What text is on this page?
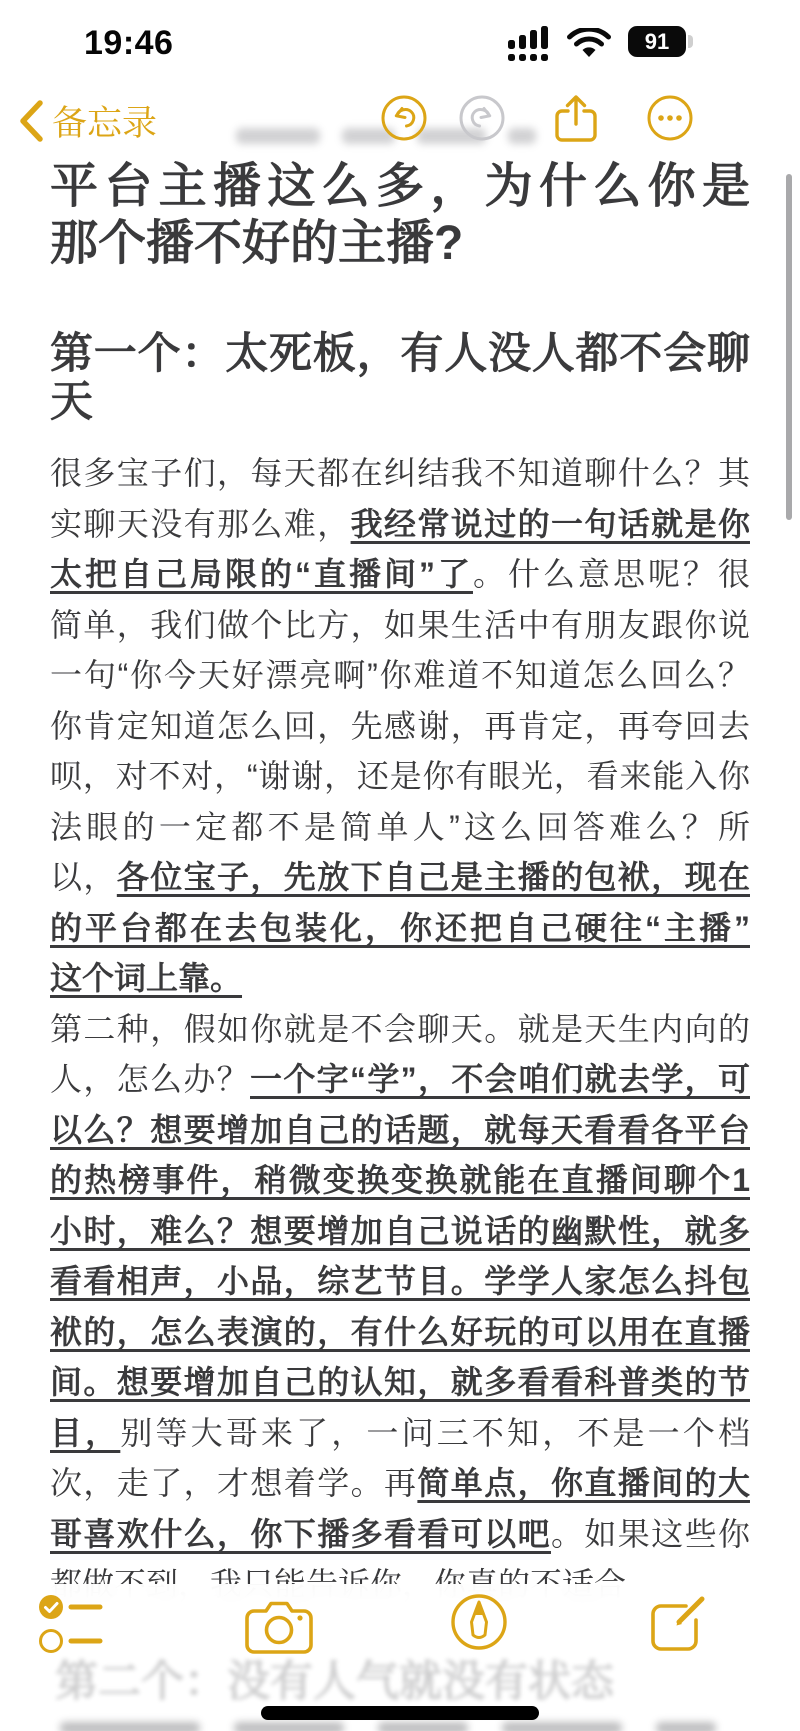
19:46	91
备忘录
平台主播这么多，为什么你是
那个播不好的主播?
第一个：太死板，有人没人都不会聊
天
很多宝子们，每天都在纠结我不知道聊什么？其
实聊天没有那么难，我经常说过的一句话就是你
太把自己局限的“直播间”了。什么意思呢？很
简单，我们做个比方，如果生活中有朋友跟你说
一句“你今天好漂亮啊”你难道不知道怎么回么？
你肯定知道怎么回，先感谢，再肯定，再夸回去
呗，对不对，“谢谢，还是你有眼光，看来能入你
法眼的一定都不是简单人”这么回答难么？所
以，各位宝子，先放下自己是主播的包袱，现在
的平台都在去包装化，你还把自己硬往“主播”
这个词上靠。
第二种，假如你就是不会聊天。就是天生内向的
人，怎么办？一个字“学”，不会咱们就去学，可
以么？想要增加自己的话题，就每天看看各平台
的热榜事件，稍微变换变换就能在直播间聊个1
小时，难么？想要增加自己说话的幽默性，就多
看看相声，小品，综艺节目。学学人家怎么抖包
袱的，怎么表演的，有什么好玩的可以用在直播
间。想要增加自己的认知，就多看看科普类的节
目，别等大哥来了，一问三不知，不是一个档
次，走了，才想着学。再简单点，你直播间的大
哥喜欢什么，你下播多看看可以吧。如果这些你
第二个：没有人气就没有状态
